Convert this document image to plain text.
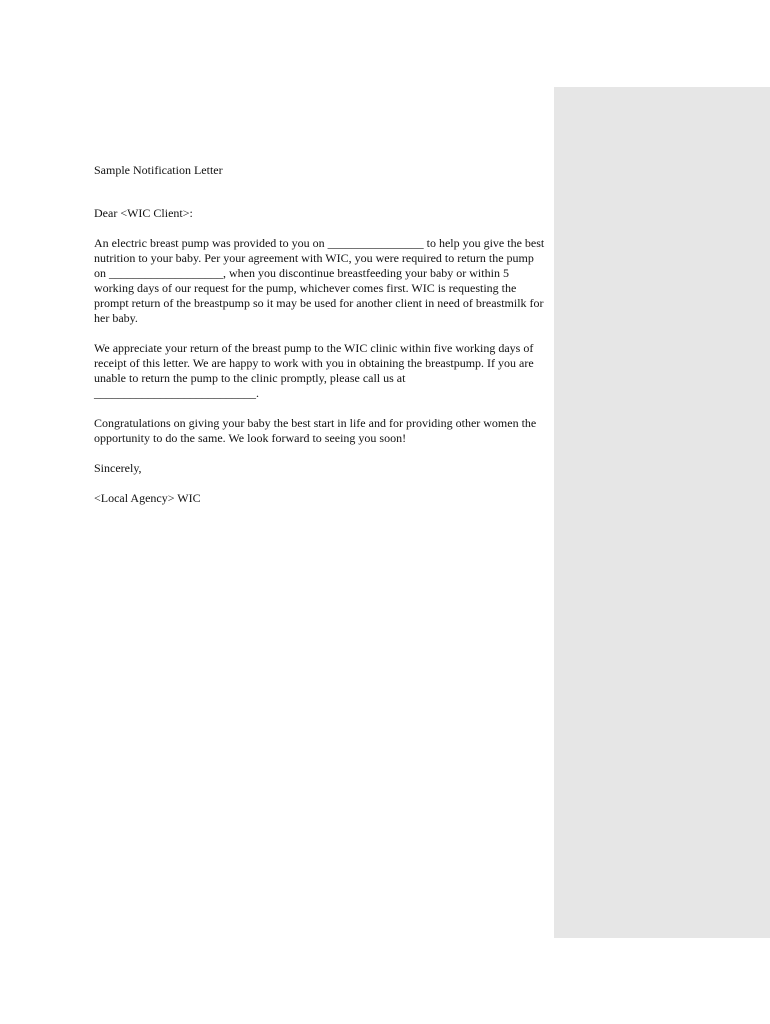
Sample Notification Letter

Dear <WIC Client>:

An electric breast pump was provided to you on ________________ to help you give the best nutrition to your baby. Per your agreement with WIC, you were required to return the pump on ___________________, when you discontinue breastfeeding your baby or within 5 working days of our request for the pump, whichever comes first. WIC is requesting the prompt return of the breastpump so it may be used for another client in need of breastmilk for her baby.

We appreciate your return of the breast pump to the WIC clinic within five working days of receipt of this letter. We are happy to work with you in obtaining the breastpump. If you are unable to return the pump to the clinic promptly, please call us at ___________________________.

Congratulations on giving your baby the best start in life and for providing other women the opportunity to do the same. We look forward to seeing you soon!

Sincerely,

<Local Agency> WIC
